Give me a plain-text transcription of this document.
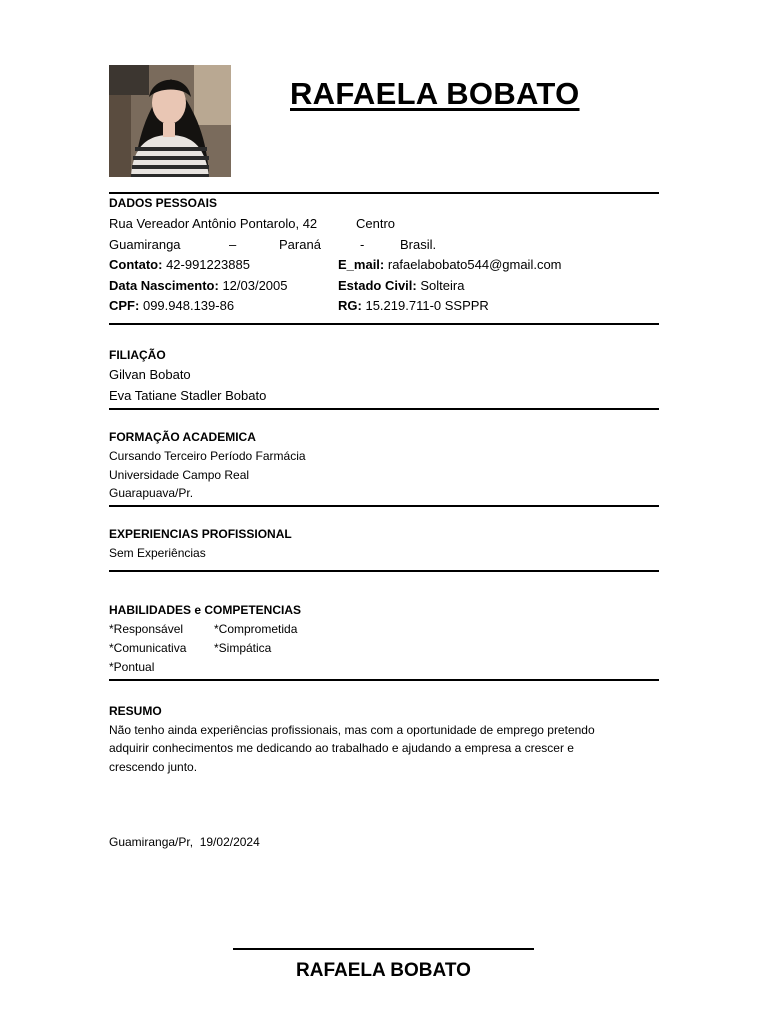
RAFAELA BOBATO
DADOS PESSOAIS
Rua Vereador Antônio Pontarolo, 42	Centro
Guamiranga	–	Paraná	-	Brasil.
Contato: 42-991223885	E_mail: rafaelabobato544@gmail.com
Data Nascimento: 12/03/2005	Estado Civil: Solteira
CPF: 099.948.139-86	RG: 15.219.711-0 SSPPR
FILIAÇÃO
Gilvan Bobato
Eva Tatiane Stadler Bobato
FORMAÇÃO ACADEMICA
Cursando Terceiro Período Farmácia
Universidade Campo Real
Guarapuava/Pr.
EXPERIENCIAS PROFISSIONAL
Sem Experiências
HABILIDADES e COMPETENCIAS
*Responsável	*Comprometida
*Comunicativa *Simpática
*Pontual
RESUMO
Não tenho ainda experiências profissionais, mas com a oportunidade de emprego pretendo
adquirir conhecimentos me dedicando ao trabalhado e ajudando a empresa a crescer e
crescendo junto.
Guamiranga/Pr,  19/02/2024
RAFAELA BOBATO
